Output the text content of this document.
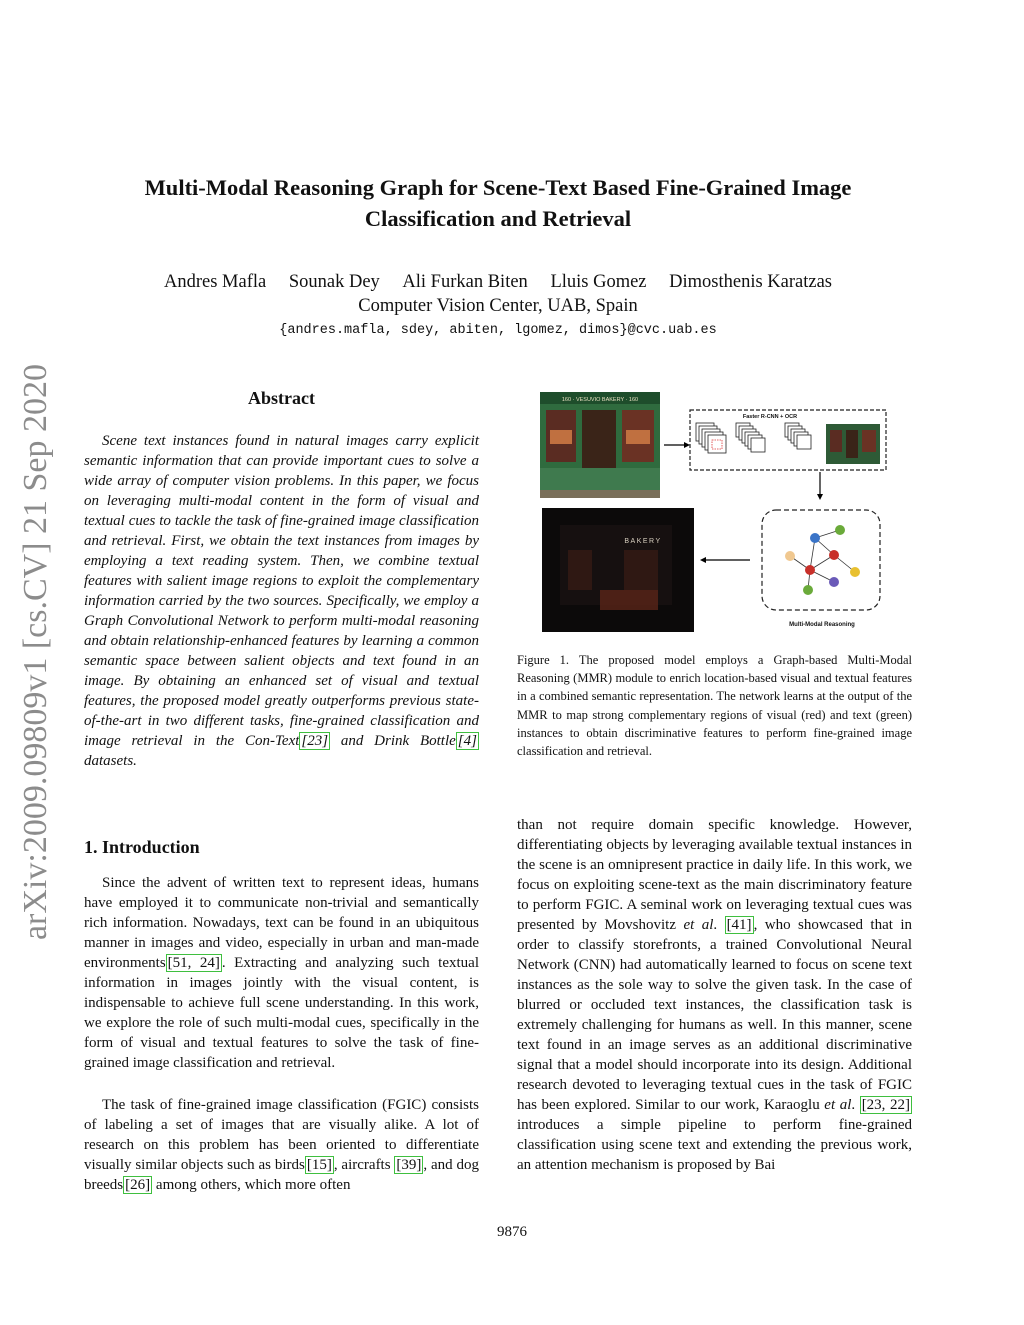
Multi-Modal Reasoning Graph for Scene-Text Based Fine-Grained Image Classification and Retrieval
Andres Mafla Sounak Dey Ali Furkan Biten Lluis Gomez Dimosthenis Karatzas
Computer Vision Center, UAB, Spain
{andres.mafla, sdey, abiten, lgomez, dimos}@cvc.uab.es
arXiv:2009.09809v1 [cs.CV] 21 Sep 2020	Abstract
Scene text instances found in natural images carry explicit semantic information that can provide important cues to solve a wide array of computer vision problems. In this paper, we focus on leveraging multi-modal content in the form of visual and textual cues to tackle the task of fine-grained image classification and retrieval. First, we obtain the text instances from images by employing a text reading system. Then, we combine textual features with salient image regions to exploit the complementary information carried by the two sources. Specifically, we employ a Graph Convolutional Network to perform multi-modal reasoning and obtain relationship-enhanced features by learning a common semantic space between salient objects and text found in an image. By obtaining an enhanced set of visual and textual features, the proposed model greatly outperforms previous state-of-the-art in two different tasks, fine-grained classification and image retrieval in the Con-Text [23] and Drink Bottle [4] datasets.
1. Introduction
Since the advent of written text to represent ideas, humans have employed it to communicate non-trivial and semantically rich information. Nowadays, text can be found in an ubiquitous manner in images and video, especially in urban and man-made environments [51, 24] . Extracting and analyzing such textual information in images jointly with the visual content, is indispensable to achieve full scene understanding. In this work, we explore the role of such multi-modal cues, specifically in the form of visual and textual features to solve the task of fine-grained image classification and retrieval.
The task of fine-grained image classification (FGIC) consists of labeling a set of images that are visually alike. A lot of research on this problem has been oriented to differentiate visually similar objects such as birds [15] , aircrafts [39] , and dog breeds [26] among others, which more often
160 · VESUVIO BAKERY · 160
Faster R-CNN + OCR
BAKERY
Multi-Modal Reasoning
Figure 1. The proposed model employs a Graph-based Multi-Modal Reasoning (MMR) module to enrich location-based visual and textual features in a combined semantic representation. The network learns at the output of the MMR to map strong complementary regions of visual (red) and text (green) instances to obtain discriminative features to perform fine-grained image classification and retrieval.
than not require domain specific knowledge. However, differentiating objects by leveraging available textual instances in the scene is an omnipresent practice in daily life. In this work, we focus on exploiting scene-text as the main discriminatory feature to perform FGIC. A seminal work on leveraging textual cues was presented by Movshovitz et al. [41] , who showcased that in order to classify storefronts, a trained Convolutional Neural Network (CNN) had automatically learned to focus on scene text instances as the sole way to solve the given task. In the case of blurred or occluded text instances, the classification task is extremely challenging for humans as well. In this manner, scene text found in an image serves as an additional discriminative signal that a model should incorporate into its design. Additional research devoted to leveraging textual cues in the task of FGIC has been explored. Similar to our work, Karaoglu et al. [23, 22] introduces a simple pipeline to perform fine-grained classification using scene text and extending the previous work, an attention mechanism is proposed by Bai
9876
